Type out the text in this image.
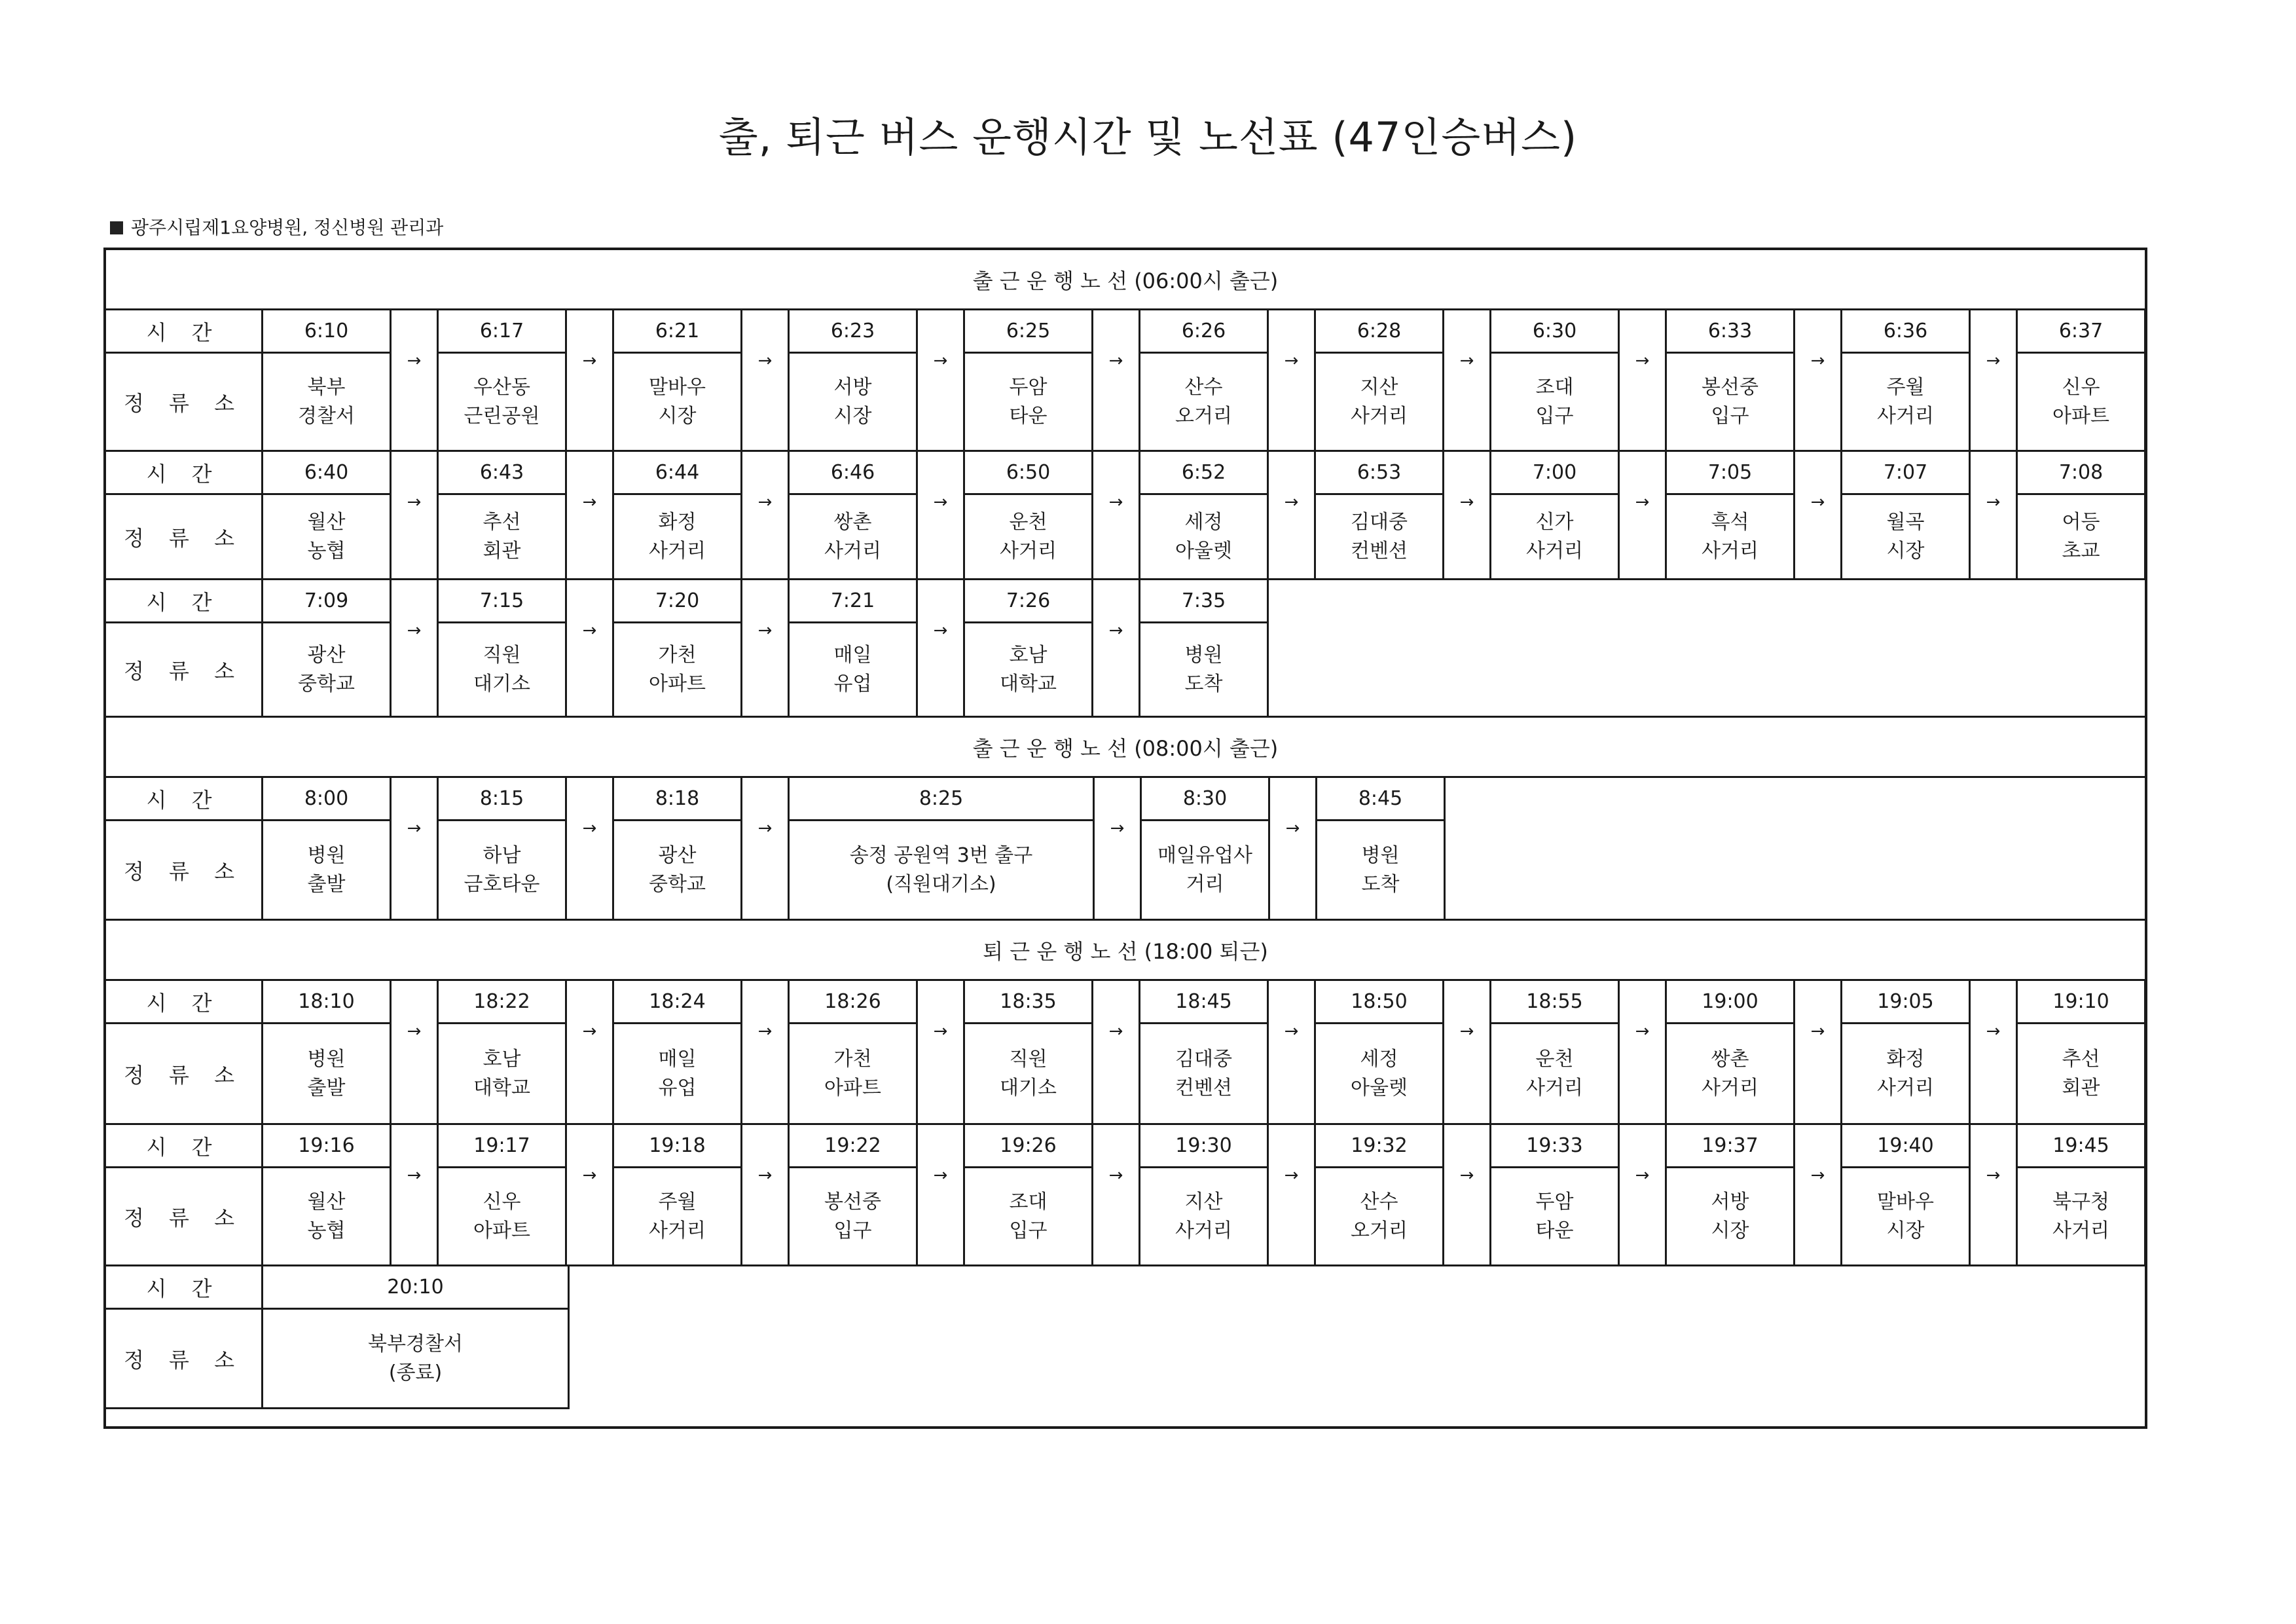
출, 퇴근 버스 운행시간 및 노선표 (47인승버스)
광주시립제1요양병원, 정신병원 관리과
출 근 운 행 노 선 (06:00시 출근)
시 간
정 류 소
6:10
북부
경찰서
→
6:17
우산동
근린공원
→
6:21
말바우
시장
→
6:23
서방
시장
→
6:25
두암
타운
→
6:26
산수
오거리
→
6:28
지산
사거리
→
6:30
조대
입구
→
6:33
봉선중
입구
→
6:36
주월
사거리
→
6:37
신우
아파트
시 간
정 류 소
6:40
월산
농협
→
6:43
추선
회관
→
6:44
화정
사거리
→
6:46
쌍촌
사거리
→
6:50
운천
사거리
→
6:52
세정
아울렛
→
6:53
김대중
컨벤션
→
7:00
신가
사거리
→
7:05
흑석
사거리
→
7:07
월곡
시장
→
7:08
어등
초교
시 간
정 류 소
7:09
광산
중학교
→
7:15
직원
대기소
→
7:20
가천
아파트
→
7:21
매일
유업
→
7:26
호남
대학교
→
7:35
병원
도착
출 근 운 행 노 선 (08:00시 출근)
시 간
정 류 소
8:00
병원
출발
→
8:15
하남
금호타운
→
8:18
광산
중학교
→
8:25
송정 공원역 3번 출구
(직원대기소)
→
8:30
매일유업사
거리
→
8:45
병원
도착
퇴 근 운 행 노 선 (18:00 퇴근)
시 간
정 류 소
18:10
병원
출발
→
18:22
호남
대학교
→
18:24
매일
유업
→
18:26
가천
아파트
→
18:35
직원
대기소
→
18:45
김대중
컨벤션
→
18:50
세정
아울렛
→
18:55
운천
사거리
→
19:00
쌍촌
사거리
→
19:05
화정
사거리
→
19:10
추선
회관
시 간
정 류 소
19:16
월산
농협
→
19:17
신우
아파트
→
19:18
주월
사거리
→
19:22
봉선중
입구
→
19:26
조대
입구
→
19:30
지산
사거리
→
19:32
산수
오거리
→
19:33
두암
타운
→
19:37
서방
시장
→
19:40
말바우
시장
→
19:45
북구청
사거리
시 간
정 류 소
20:10
북부경찰서
(종료)
